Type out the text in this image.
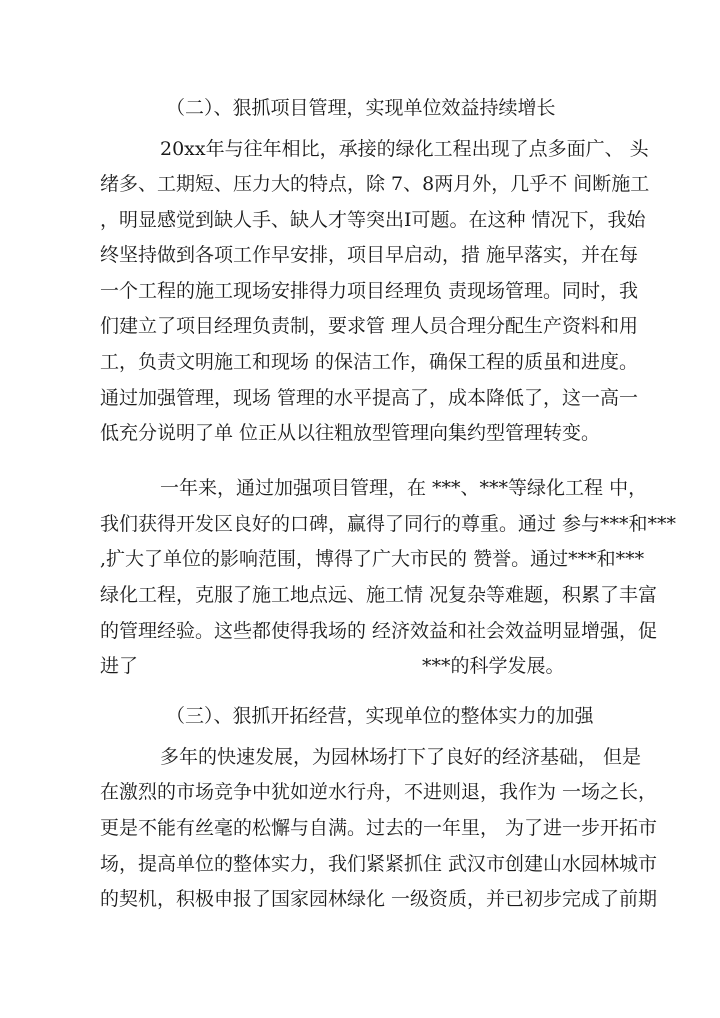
（二）、狠抓项目管理，实现单位效益持续增长
20xx年与往年相比，承接的绿化工程出现了点多面广、 头
绪多、工期短、压力大的特点，除 7、8两月外，几乎不 间断施工
，明显感觉到缺人手、缺人才等突出I可题。在这种 情况下，我始
终坚持做到各项工作早安排，项目早启动，措 施早落实，并在每
一个工程的施工现场安排得力项目经理负 责现场管理。同时，我
们建立了项目经理负责制，要求管 理人员合理分配生产资料和用
工，负责文明施工和现场 的保洁工作，确保工程的质虽和进度。
通过加强管理，现场 管理的水平提高了，成本降低了，这一高一
低充分说明了单 位正从以往粗放型管理向集约型管理转变。
一年来，通过加强项目管理，在 ***、***等绿化工程 中，
我们获得开发区良好的口碑，赢得了同行的尊重。通过 参与***和***
,扩大了单位的影响范围，博得了广大市民的 赞誉。通过***和***
绿化工程，克服了施工地点远、施工情 况复杂等难题，积累了丰富
的管理经验。这些都使得我场的 经济效益和社会效益明显增强，促
进了	***的科学发展。
（三）、狠抓开拓经营，实现单位的整体实力的加强
多年的快速发展，为园林场打下了良好的经济基础， 但是
在激烈的市场竞争中犹如逆水行舟，不进则退，我作为 一场之长，
更是不能有丝毫的松懈与自满。过去的一年里， 为了进一步开拓市
场，提高单位的整体实力，我们紧紧抓住 武汉市创建山水园林城市
的契机，积极申报了国家园林绿化 一级资质，并已初步完成了前期
